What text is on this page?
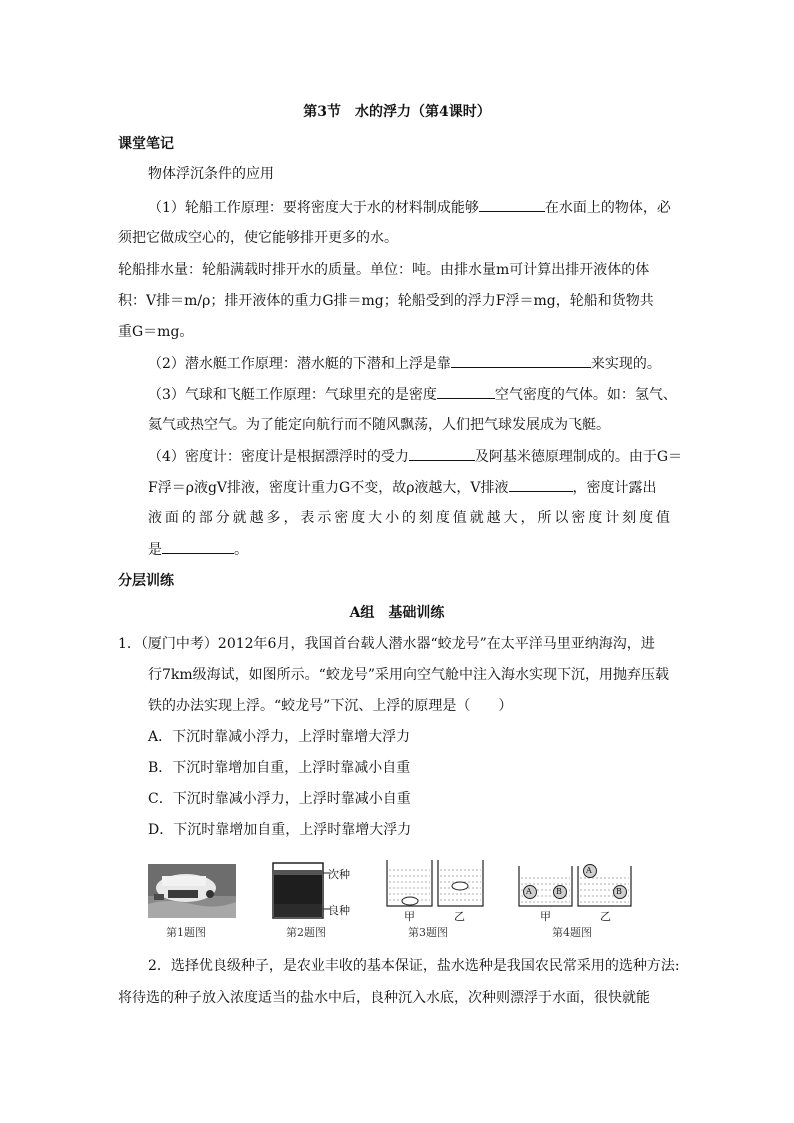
第3节　水的浮力（第4课时）
课堂笔记
物体浮沉条件的应用
（1）轮船工作原理：要将密度大于水的材料制成能够	在水面上的物体，必
须把它做成空心的，使它能够排开更多的水。
轮船排水量：轮船满载时排开水的质量。单位：吨。由排水量m可计算出排开液体的体
积：V排＝m/ρ；排开液体的重力G排＝mg；轮船受到的浮力F浮＝mg，轮船和货物共
重G＝mg。
（2）潜水艇工作原理：潜水艇的下潜和上浮是靠	来实现的。
（3）气球和飞艇工作原理：气球里充的是密度	空气密度的气体。如：氢气、
氦气或热空气。为了能定向航行而不随风飘荡，人们把气球发展成为飞艇。
（4）密度计：密度计是根据漂浮时的受力	及阿基米德原理制成的。由于G＝
F浮＝ρ液gV排液，密度计重力G不变，故ρ液越大，V排液	，密度计露出
液面的部分就越多，表示密度大小的刻度值就越大，所以密度计刻度值
是	。
分层训练
A组　基础训练
1．（厦门中考）2012年6月，我国首台载人潜水器“蛟龙号”在太平洋马里亚纳海沟，进
行7km级海试，如图所示。“蛟龙号”采用向空气舱中注入海水实现下沉，用抛弃压载
铁的办法实现上浮。“蛟龙号”下沉、上浮的原理是（　　）
A．下沉时靠减小浮力，上浮时靠增大浮力
B．下沉时靠增加自重，上浮时靠减小自重
C．下沉时靠减小浮力，上浮时靠减小自重
D．下沉时靠增加自重，上浮时靠增大浮力
第1题图
次种
良种
第2题图
甲	乙
第3题图
A	B
A
B
甲	乙
第4题图
2．选择优良级种子，是农业丰收的基本保证，盐水选种是我国农民常采用的选种方法:
将待选的种子放入浓度适当的盐水中后，良种沉入水底，次种则漂浮于水面，很快就能
